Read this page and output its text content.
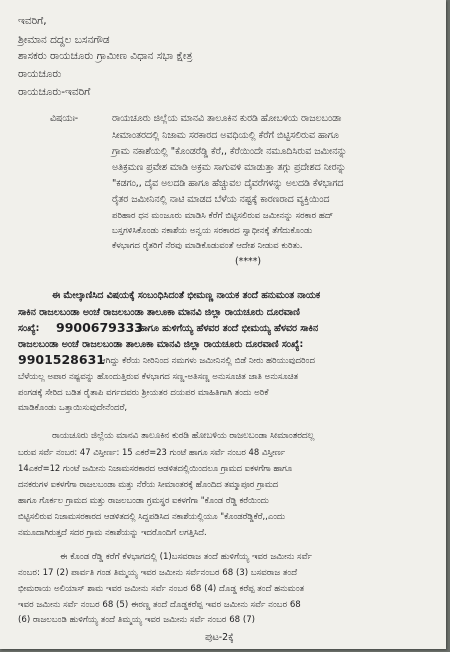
ಇವರಿಗೆ,
ಶ್ರೀಮಾನ ದದ್ದಲ ಬಸನಗೌಡ
ಶಾಸಕರು ರಾಯಚೂರು ಗ್ರಾಮೀಣ ವಿಧಾನ ಸಭಾ ಕ್ಷೇತ್ರ
ರಾಯಚೂರು
ರಾಯಚೂರು-ಇವರಿಗೆ
ವಿಷಯಃ-	ರಾಯಚೂರು ಜಿಲ್ಲೆಯ ಮಾನವಿ ತಾಲೂಕಿನ ಕುರಡಿ ಹೋಬಳಿಯ ರಾಜಲಬಂಡಾ
ಸೀಮಾಂತರದಲ್ಲಿ ನಿಜಾಮ ಸರಕಾರದ ಅವಧಿಯಲ್ಲಿ ಕೆರೆಗೆ ಬಿಟ್ಟಿಸಲಿರುವ ಹಾಗೂ
ಗ್ರಾಮ ನಕಾಶೆಯಲ್ಲಿ "ಕೊಂಡರೆಡ್ಡಿ ಕೆರೆ,, ಕೆರೆಯಿಂದೇ ನಮೂದಿಸಿರುವ ಜಮೀನನ್ನು
ಅತಿಕ್ರಮಣ ಪ್ರವೇಶ ಮಾಡಿ ಅಕ್ರಮ ಸಾಗುವಳಿ ಮಾಡುತ್ತಾ ತಗ್ಗು ಪ್ರದೇಶದ ನೀರನ್ನು
"ಕಡಗಂ,, ದೈವ ಅಲದಡಿ ಹಾಗೂ ಹೆಚ್ಚುವಲ ದೈವರೆಗಳನ್ನು ಅಲದಡಿ ಕೆಳಭಾಗದ
ರೈತರ ಜಮೀನಿನಲ್ಲಿ ನಾಟಿ ಮಾಡದ ಬೆಳೆಯ ನಷ್ಟಕ್ಕೆ ಕಾರಣರಾದ ವ್ಯಕ್ತಿಯಿಂದ
ಪರಿಹಾರ ಧನ ಮಂಜೂರು ಮಾಡಿಸಿ ಕೆರೆಗೆ ಬಿಟ್ಟಿಸಲಿರುವ ಜಮೀನನ್ನು ಸರಕಾರ ಹದ್
ಬಸ್ತಗಳಿಸಿಕೊಂಡು ನಕಾಶೆಯ ಅನ್ವಯ ಸರಕಾರದ ಸ್ವಾಧೀನಕ್ಕೆ ತೆಗೆದುಕೊಂಡು
ಕೆಳಭಾಗದ ರೈತರಿಗೆ ನೆರವು ಮಾಡಿಕೊಡುವಂತೆ ಆದೇಶ ನೀಡುವ ಕುರಿತು.
(****)
ಈ ಮೇಲ್ಕಾಣಿಸಿದ ವಿಷಯಕ್ಕೆ ಸಂಬಂಧಿಸಿದಂತೆ ಭೀಮಣ್ಣ ನಾಯಕ ತಂದೆ ಹನುಮಂತ ನಾಯಕ
ಸಾಕಿನ ರಾಜಲಬಂಡಾ ಅಂಚೆ ರಾಜಲಬಂಡಾ ತಾಲೂಕಾ ಮಾನವಿ ಜಿಲ್ಲಾ ರಾಯಚೂರು ದೂರವಾಣಿ
ಸಂಖ್ಯೆ: 9900679333
ಹಾಗೂ ಹುಳಿಗೆಯ್ಯ ಹೆಳವರ ತಂದೆ ಭೀಮಯ್ಯ ಹೆಳವರ ಸಾಕಿನ
ರಾಜಲಬಂಡಾ ಅಂಚೆ ರಾಜಲಬಂಡಾ ತಾಲೂಕಾ ಮಾನವಿ ಜಿಲ್ಲಾ ರಾಯಚೂರು ದೂರವಾಣಿ ಸಂಖ್ಯೆ:
9901528631
ಆಗಿದ್ದು ಕೆರೆಯ ನೀರಿನಿಂದ ನಮಗಳು ಜಮೀನಿನಲ್ಲಿ ಬಿಡೆ ನೀರು ಹರಿಯುವುದರಿಂದ
ಬೆಳೆಯಲ್ಲ ಅಪಾರ ನಷ್ಟವನ್ನು ಹೊಂದುತ್ತಿರುವ ಕೆಳಭಾಗದ ಸಣ್ಣ-ಅತಿಸಣ್ಣ ಅನುಸೂಚಿತ ಜಾತಿ ಅನುಸೂಚಿತ
ಪಂಗಡಕ್ಕೆ ಸೇರಿದ ಬಡಿತ ರೈತಾಪಿ ವರ್ಗದವರು ಶ್ರೀಯತರ ದಯಪರ ಮಾಹಿತಿಗಾಗಿ ತಂದು ಅರಿಕೆ
ಮಾಡಿಕೊಂಡು ಒತ್ತಾಯಿಸುವುದೇನೆಂದರೆ,
ರಾಯಚೂರು ಜಿಲ್ಲೆಯ ಮಾನವಿ ತಾಲೂಕಿನ ಕುರಡಿ ಹೋಬಳಿಯ ರಾಜಲಬಂಡಾ ಸೀಮಾಂತರದಲ್ಲ
ಬರುವ ಸರ್ವೆ ನಂಬರ: 47 ವಿಸ್ತೀರ್ಣ: 15 ಎಕರೆ=23 ಗುಂಟೆ ಹಾಗೂ ಸರ್ವೆ ನಂಬರ 48 ವಿಸ್ತೀರ್ಣ
14ಎಕರೆ=12 ಗುಂಟೆ ಜಮೀನು ನಿಜಾಮಸರಕಾರದ ಆಡಳಿತದಲ್ಲಿಯಿಂದಲೂ ಗ್ರಾಮದ ಐಕಳಗೆಗಾ ಹಾಗೂ
ದನಕರುಗಳ ಐಕಳಗೆಗಾ ರಾಜಲಬಂಡಾ ಮತ್ತು ನೆರೆಯ ಸೀಮಾಂತರಕ್ಕೆ ಹೊಂದಿದ ತಮ್ಮಾಪೂರ ಗ್ರಾಮದ
ಹಾಗೂ ಗೊರ್ಕಲ ಗ್ರಾಮದ ಮತ್ತು ರಾಜಲಬಂಡಾ ಗ್ರಮಸ್ಥರ ಐಕಳಗೆಗಾ "ಕೊಂಡ ರೆಡ್ಡಿ ಕರೆಯಿಂದು
ಬಿಟ್ಟಿಸಲಿರುವ ನಿಜಾಮಸರಕಾರದ ಆಡಳಿತದಲ್ಲಿ ಸಿದ್ದಪಡಿಸಿದ ನಕಾಶೆಯಲ್ಲಿಯೂ "ಕೊಂಡರೆಡ್ಡಿಕೆರೆ,,ಎಂದು
ನಮೂದಾಗಿರುತ್ತದೆ ಸದರ ಗ್ರಾಮ ನಕಾಶೆಯನ್ನು ಇದರೊಂದಿಗೆ ಲಗತ್ತಿಸಿದೆ.
ಈ ಕೊಂಡ ರೆಡ್ಡಿ ಕರೆಗೆ ಕೆಳಭಾಗದಲ್ಲಿ (1)ಬಸವರಾಜ ತಂದೆ ಹುಳಿಗೆಯ್ಯ ಇವರ ಜಮೀನು ಸರ್ವೆ
ನಂಬರ: 17 (2) ಪಾರ್ವತಿ ಗಂಡ ತಿಮ್ಮಯ್ಯ ಇವರ ಜಮೀನು ಸರ್ವೆನಂಬರ 68 (3) ಬಸವರಾಜ ತಂದೆ
ಭೀಮರಾಯ ಅಲಿಯಾಸ್ ಶಾಮ ಇವರ ಜಮೀನು ಸರ್ವೆ ನಂಬರ 68 (4) ದೊಡ್ಡ ಕರೆಪ್ಪ ತಂದೆ ಹನುಮಂತ
ಇವರ ಜಮೀನು ಸರ್ವೆ ನಂಬರ 68 (5) ಈರಣ್ಣ ತಂದೆ ದೊಡ್ಡಕರೆಪ್ಪ ಇವರ ಜಮೀನು ಸರ್ವೆ ನಂಬರ 68
(6) ರಾಜಲಬಂಡಿ ಹುಳಿಗೆಯ್ಯ ತಂದೆ ತಿಮ್ಮಯ್ಯ ಇವರ ಜಮೀನು ಸರ್ವೆ ನಂಬರ 68 (7)
ಪುಟ-2ಕ್ಕೆ
